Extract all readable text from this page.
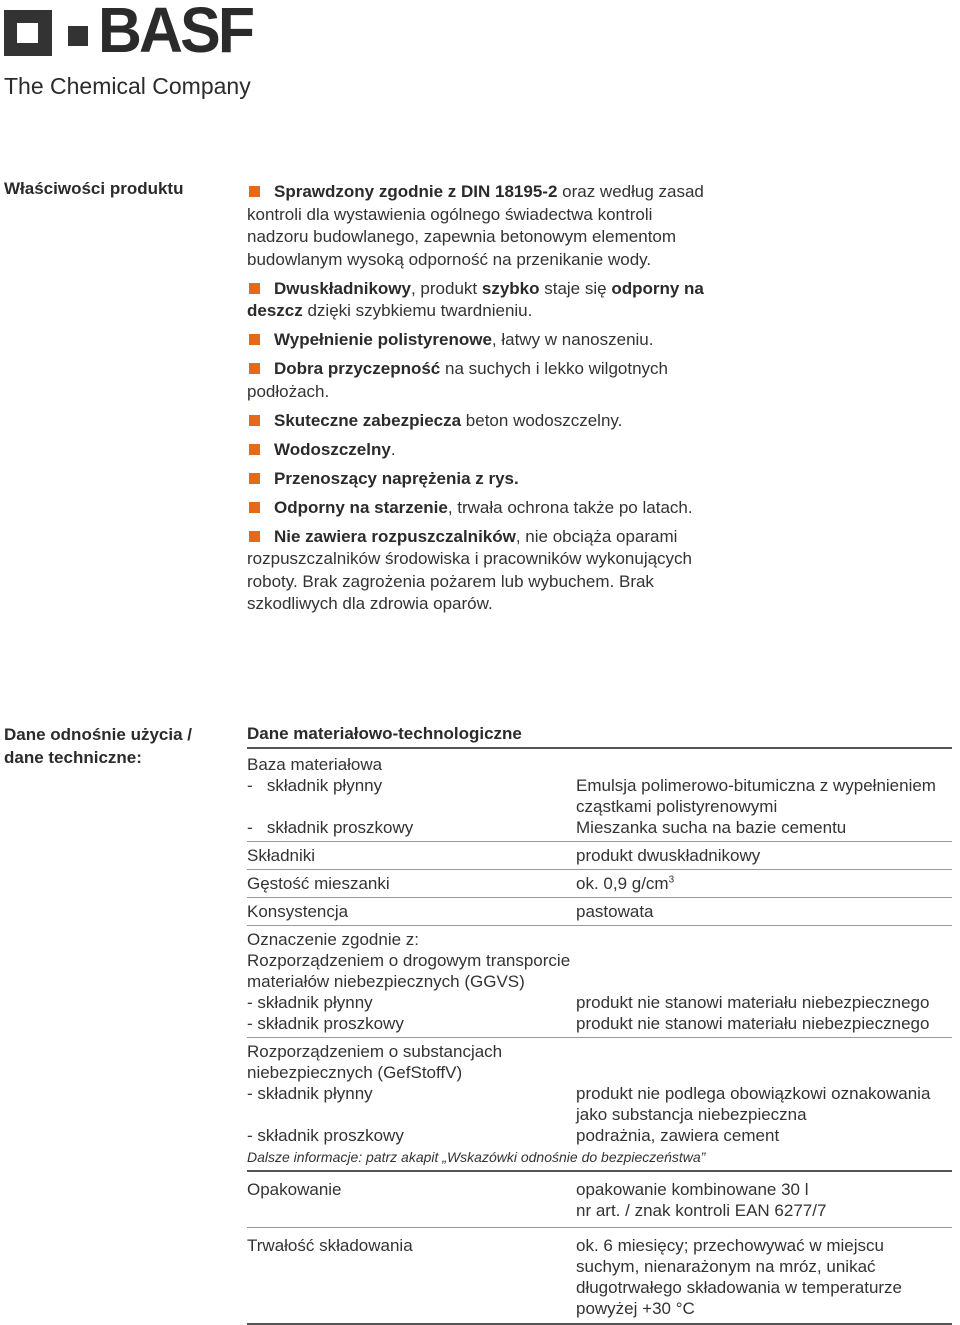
BASF
The Chemical Company
Właściwości produktu	Sprawdzony zgodnie z DIN 18195-2 oraz według zasad kontroli dla wystawienia ogólnego świadectwa kontroli nadzoru budowlanego, zapewnia betonowym elementom budowlanym wysoką odporność na przenikanie wody.
Dwuskładnikowy, produkt szybko staje się odporny na deszcz dzięki szybkiemu twardnieniu.
Wypełnienie polistyrenowe, łatwy w nanoszeniu.
Dobra przyczepność na suchych i lekko wilgotnych podłożach.
Skuteczne zabezpiecza beton wodoszczelny.
Wodoszczelny.
Przenoszący naprężenia z rys.
Odporny na starzenie, trwała ochrona także po latach.
Nie zawiera rozpuszczalników, nie obciąża oparami rozpuszczalników środowiska i pracowników wykonujących roboty. Brak zagrożenia pożarem lub wybuchem. Brak szkodliwych dla zdrowia oparów.
Dane odnośnie użycia / dane techniczne:
Dane materiałowo-technologiczne
Baza materiałowa
-   składnik płynny	Emulsja polimerowo-bitumiczna z wypełnieniem cząstkami polistyrenowymi
-   składnik proszkowy	Mieszanka sucha na bazie cementu
Składniki	produkt dwuskładnikowy
Gęstość mieszanki	ok. 0,9 $g/cm^3$
Konsystencja	pastowata
Oznaczenie zgodnie z:
Rozporządzeniem o drogowym transporcie materiałów niebezpiecznych (GGVS)
- składnik płynny	produkt nie stanowi materiału niebezpiecznego
- składnik proszkowy	produkt nie stanowi materiału niebezpiecznego
Rozporządzeniem o substancjach niebezpiecznych (GefStoffV)
- składnik płynny	produkt nie podlega obowiązkowi oznakowania jako substancja niebezpieczna
- składnik proszkowy	podrażnia, zawiera cement
Dalsze informacje: patrz akapit „Wskazówki odnośnie do bezpieczeństwa”
Opakowanie	opakowanie kombinowane 30 l
nr art. / znak kontroli EAN 6277/7
Trwałość składowania	ok. 6 miesięcy; przechowywać w miejscu suchym, nienarażonym na mróz, unikać długotrwałego składowania w temperaturze powyżej +30 °C
